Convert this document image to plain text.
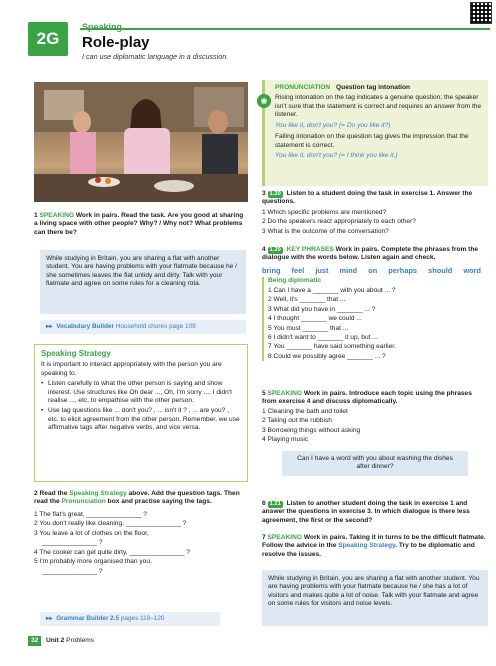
2G
Speaking
Role-play
I can use diplomatic language in a discussion.
◉
PRONUNCIATION Question tag intonation

Rising intonation on the tag indicates a genuine question; the speaker isn't sure that the statement is correct and requires an answer from the listener.

You like it, don't you? (= Do you like it?)

Falling intonation on the question tag gives the impression that the statement is correct.

You like it, don't you? (= I think you like it.)

1 SPEAKING Work in pairs. Read the task. Are you good at sharing a living space with other people? Why? / Why not? What problems can there be?
While studying in Britain, you are sharing a flat with another student. You are having problems with your flatmate because he / she sometimes leaves the flat untidy and dirty. Talk with your flatmate and agree on some rules for a cleaning rota.
▸▸ Vocabulary Builder Household chores page 109
Speaking Strategy
It is important to interact appropriately with the person you are speaking to.
• Listen carefully to what the other person is saying and show interest. Use structures like Oh dear ..., Oh, I'm sorry ..., I didn't realise ..., etc. to empathise with the other person.
• Use tag questions like ... don't you? , ... isn't it ? , ... are you? , etc. to elicit agreement from the other person. Remember, we use affirmative tags after negative verbs, and vice versa.
2 Read the Speaking Strategy above. Add the question tags. Then read the Pronunciation box and practise saying the tags.
1 The flat's great, _______________ ?
2 You don't really like cleaning, _______________ ?
3 You leave a lot of clothes on the floor,
_______________ ?
4 The cooker can get quite dirty, _______________ ?
5 I'm probably more organised than you,
_______________ ?
▸▸ Grammar Builder 2.5 pages 119–120
3 1.20 Listen to a student doing the task in exercise 1. Answer the questions.
1 Which specific problems are mentioned?
2 Do the speakers react appropriately to each other?
3 What is the outcome of the conversation?
4 1.20 KEY PHRASES Work in pairs. Complete the phrases from the dialogue with the words below. Listen again and check.
bring feel just mind on perhaps should word
Being diplomatic
1 Can I have a _______ with you about ... ?
2 Well, it's _______ that ...
3 What did you have in _______ ... ?
4 I thought _______ we could ...
5 You must _______ that ...
6 I didn't want to _______ it up, but ...
7 You _______ have said something earlier.
8 Could we possibly agree _______ ... ?
5 SPEAKING Work in pairs. Introduce each topic using the phrases from exercise 4 and discuss diplomatically.
1 Cleaning the bath and toilet
2 Taking out the rubbish
3 Borrowing things without asking
4 Playing music
Can I have a word with you about washing the dishes after dinner?
6 1.21 Listen to another student doing the task in exercise 1 and answer the questions in exercise 3. In which dialogue is there less agreement, the first or the second?
7 SPEAKING Work in pairs. Taking it in turns to be the difficult flatmate. Follow the advice in the Speaking Strategy. Try to be diplomatic and resolve the issues.
While studying in Britain, you are sharing a flat with another student. You are having problems with your flatmate because he / she has a lot of visitors and makes quite a lot of noise. Talk with your flatmate and agree on some rules for visitors and noise levels.
32	Unit 2 Problems
